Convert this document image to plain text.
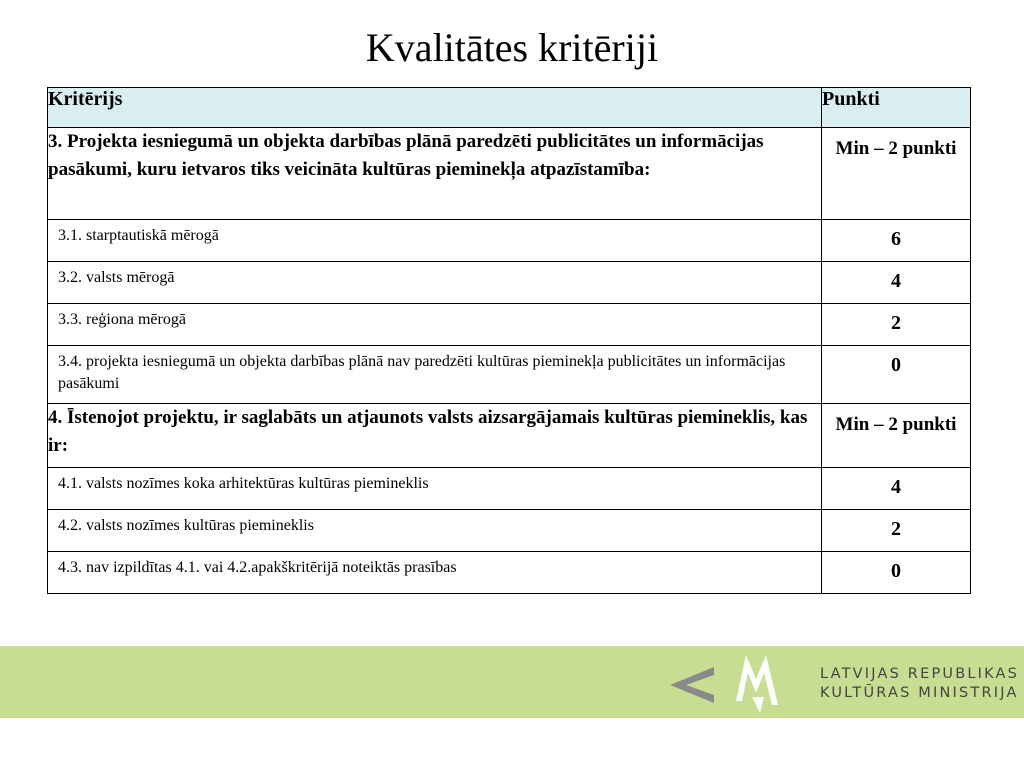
Kvalitātes kritēriji
Kritērijs	Punkti
3. Projekta iesniegumā un objekta darbības plānā paredzēti publicitātes un informācijas pasākumi, kuru ietvaros tiks veicināta kultūras pieminekļa atpazīstamība:	Min – 2 punkti
3.1. starptautiskā mērogā	6
3.2. valsts mērogā	4
3.3. reģiona mērogā	2
3.4. projekta iesniegumā un objekta darbības plānā nav paredzēti kultūras pieminekļa publicitātes un informācijas pasākumi	0
4. Īstenojot projektu, ir saglabāts un atjaunots valsts aizsargājamais kultūras piemineklis, kas ir:	Min – 2 punkti
4.1. valsts nozīmes koka arhitektūras kultūras piemineklis	4
4.2. valsts nozīmes kultūras piemineklis	2
4.3. nav izpildītas 4.1. vai 4.2.apakškritērijā noteiktās prasības	0
LATVIJAS REPUBLIKAS
KULTŪRAS MINISTRIJA
